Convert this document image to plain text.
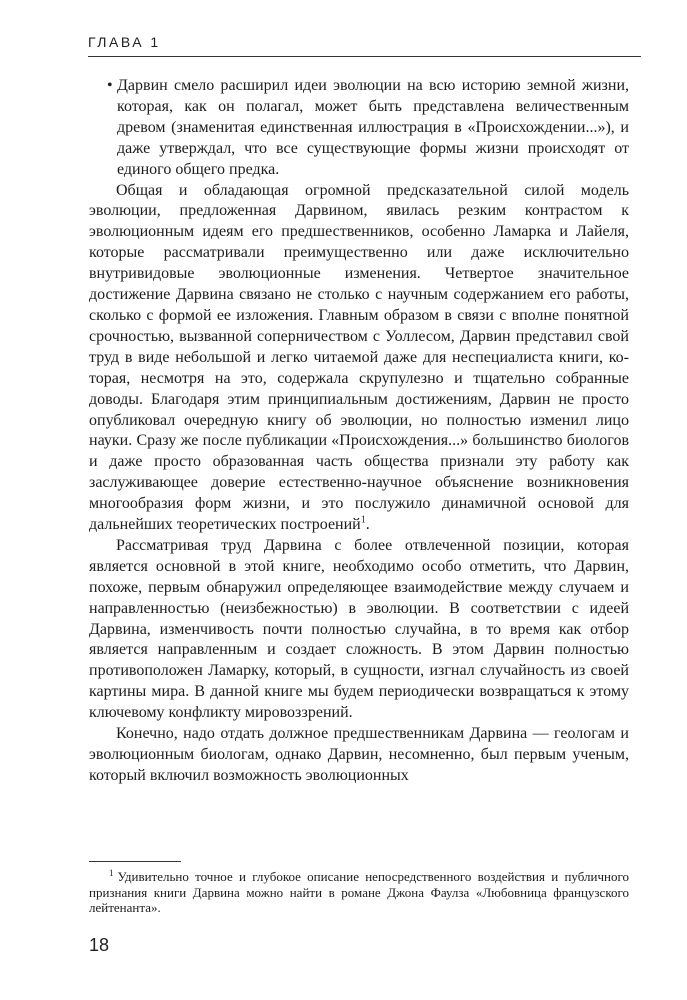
ГЛАВА 1
• Дарвин смело расширил идеи эволюции на всю историю земной жизни, которая, как он полагал, может быть представлена величественным древом (знаменитая единственная иллюстрация в «Происхождении...»), и даже утверждал, что все существующие формы жизни происходят от единого общего предка.

Общая и обладающая огромной предсказательной силой модель эволюции, предложенная Дарвином, явилась резким контрастом к эволюционным идеям его предшественников, особенно Ламарка и Лайеля, которые рассматривали преимущественно или даже исключительно внутривидовые эволюционные изменения. Четвертое значительное достижение Дарвина связано не столько с научным содержанием его работы, сколько с формой ее изложения. Главным образом в связи с вполне понятной срочностью, вызванной соперничеством с Уоллесом, Дарвин представил свой труд в виде небольшой и легко читаемой даже для неспециалиста книги, которая, несмотря на это, содержала скрупулезно и тщательно собранные доводы. Благодаря этим принципиальным достижениям, Дарвин не просто опубликовал очередную книгу об эволюции, но полностью изменил лицо науки. Сразу же после публикации «Происхождения...» большинство биологов и даже просто образованная часть общества признали эту работу как заслуживающее доверие естественно-научное объяснение возникновения многообразия форм жизни, и это послужило динамичной основой для дальнейших теоретических построений$^1$.

Рассматривая труд Дарвина с более отвлеченной позиции, которая является основной в этой книге, необходимо особо отметить, что Дарвин, похоже, первым обнаружил определяющее взаимодействие между случаем и направленностью (неизбежностью) в эволюции. В соответствии с идеей Дарвина, изменчивость почти полностью случайна, в то время как отбор является направленным и создает сложность. В этом Дарвин полностью противоположен Ламарку, который, в сущности, изгнал случайность из своей картины мира. В данной книге мы будем периодически возвращаться к этому ключевому конфликту мировоззрений.

Конечно, надо отдать должное предшественникам Дарвина — геологам и эволюционным биологам, однако Дарвин, несомненно, был первым ученым, который включил возможность эволюционных

$^1$ Удивительно точное и глубокое описание непосредственного воздействия и публичного признания книги Дарвина можно найти в романе Джона Фаулза «Любовница французского лейтенанта».
18
